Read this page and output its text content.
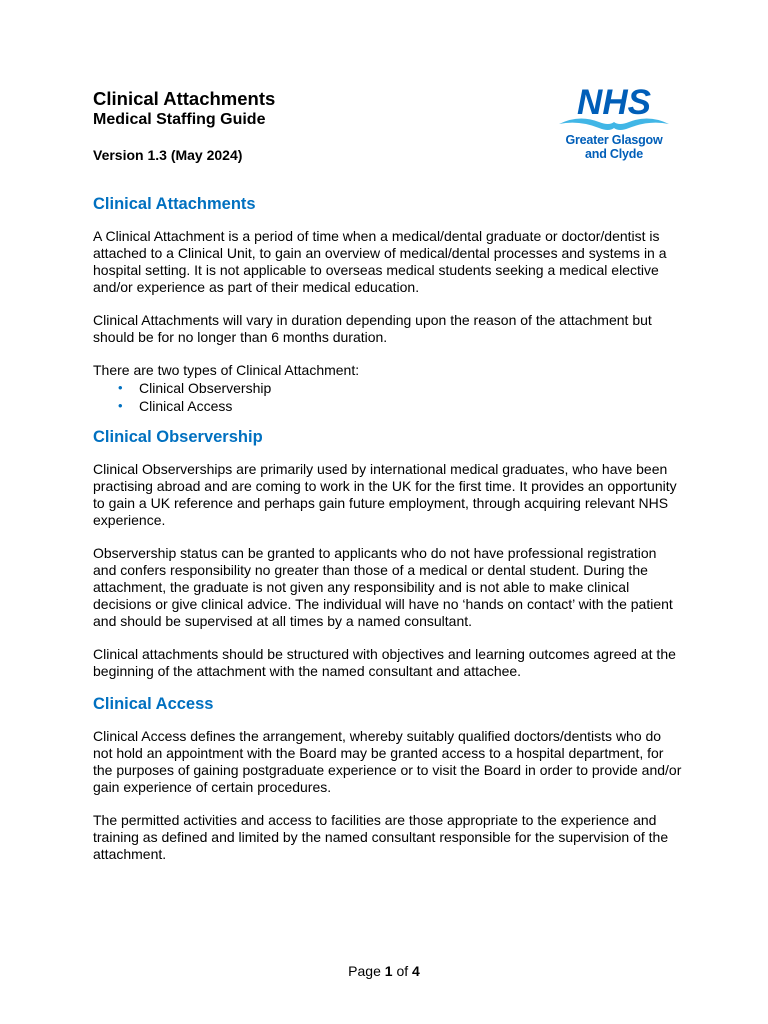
Clinical Attachments
Medical Staffing Guide
Version 1.3 (May 2024)
NHS
Greater Glasgow
and Clyde
Clinical Attachments

A Clinical Attachment is a period of time when a medical/dental graduate or doctor/dentist is attached to a Clinical Unit, to gain an overview of medical/dental processes and systems in a hospital setting. It is not applicable to overseas medical students seeking a medical elective and/or experience as part of their medical education.

Clinical Attachments will vary in duration depending upon the reason of the attachment but should be for no longer than 6 months duration.

There are two types of Clinical Attachment:

• Clinical Observership
• Clinical Access
Clinical Observership

Clinical Observerships are primarily used by international medical graduates, who have been practising abroad and are coming to work in the UK for the first time. It provides an opportunity to gain a UK reference and perhaps gain future employment, through acquiring relevant NHS experience.

Observership status can be granted to applicants who do not have professional registration and confers responsibility no greater than those of a medical or dental student. During the attachment, the graduate is not given any responsibility and is not able to make clinical decisions or give clinical advice. The individual will have no ‘hands on contact’ with the patient and should be supervised at all times by a named consultant.

Clinical attachments should be structured with objectives and learning outcomes agreed at the beginning of the attachment with the named consultant and attachee.

Clinical Access

Clinical Access defines the arrangement, whereby suitably qualified doctors/dentists who do not hold an appointment with the Board may be granted access to a hospital department, for the purposes of gaining postgraduate experience or to visit the Board in order to provide and/or gain experience of certain procedures.

The permitted activities and access to facilities are those appropriate to the experience and training as defined and limited by the named consultant responsible for the supervision of the attachment.

Page 1 of 4
